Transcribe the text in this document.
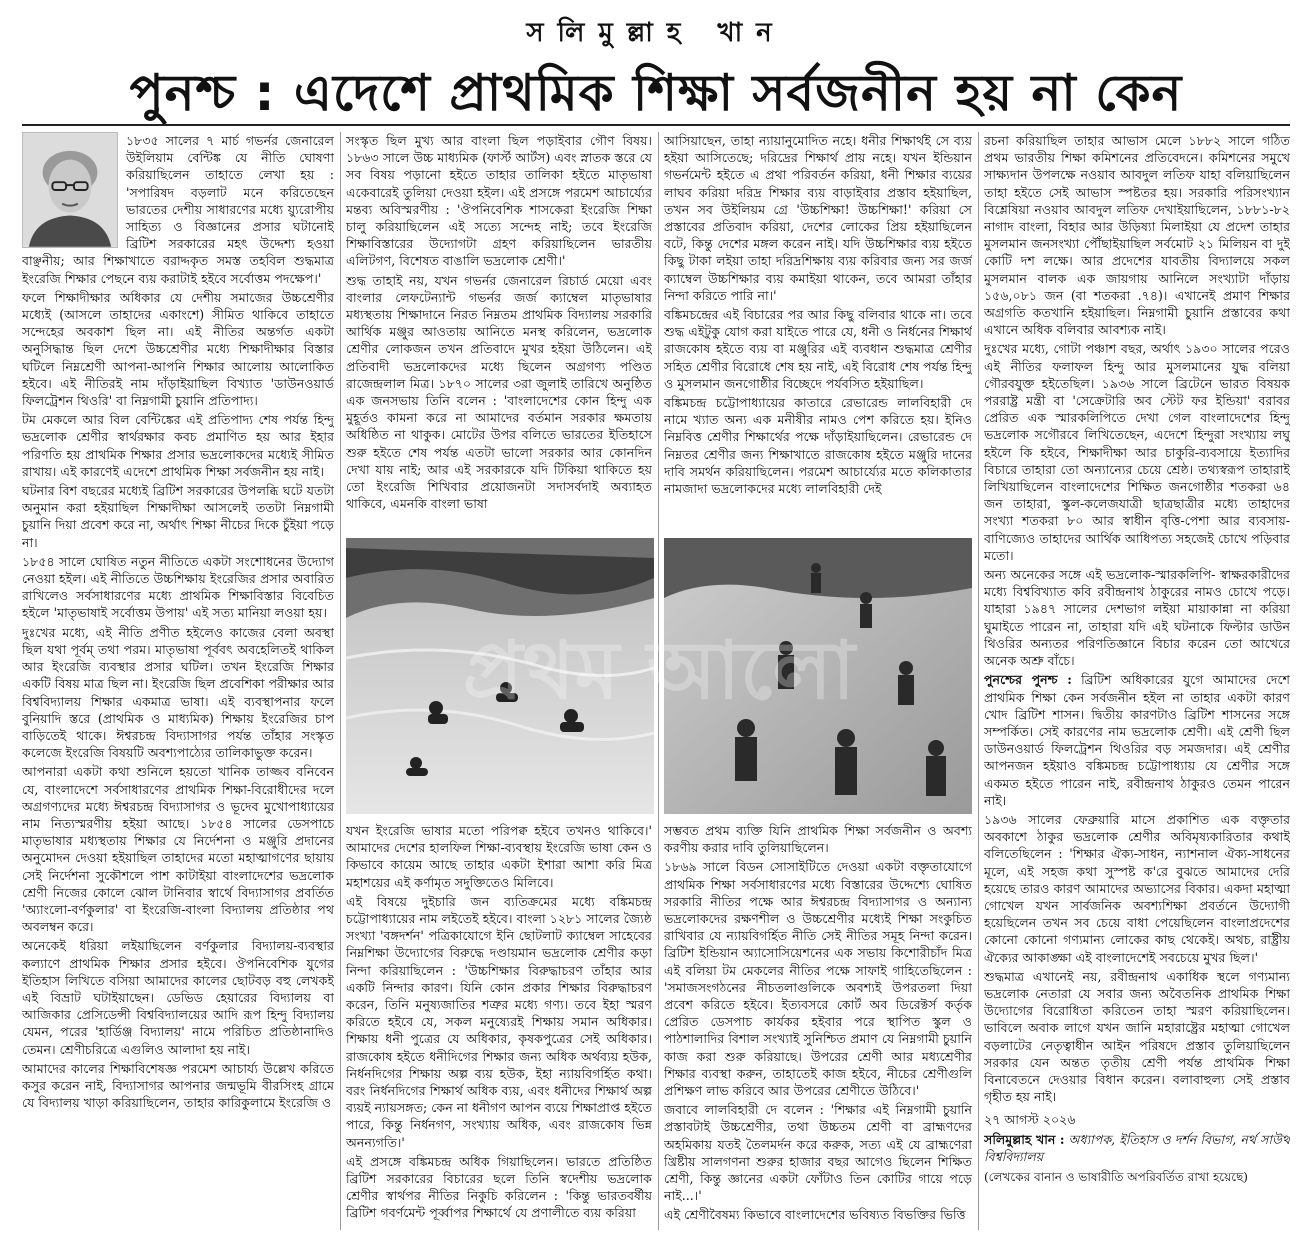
সলিমুল্লাহ খান
পুনশ্চ : এদেশে প্রাথমিক শিক্ষা সর্বজনীন হয় না কেন

১৮৩৫ সালের ৭ মার্চ গভর্নর জেনারেল উইলিয়াম বেন্টিঙ্ক যে নীতি ঘোষণা করিয়াছিলেন তাহাতে লেখা হয় : 'সপারিষদ বড়লাট মনে করিতেছেন ভারতের দেশীয় সাধারণের মধ্যে য়্যুরোপীয় সাহিত্য ও বিজ্ঞানের প্রসার ঘটানোই ব্রিটিশ সরকারের মহৎ উদ্দেশ্য হওয়া বাঞ্ছনীয়; আর শিক্ষাখাতে বরাদ্দকৃত সমস্ত তহবিল শুদ্ধমাত্র ইংরেজি শিক্ষার পেছনে ব্যয় করাটাই হইবে সর্বোত্তম পদক্ষেপ।'

ফলে শিক্ষাদীক্ষার অধিকার যে দেশীয় সমাজের উচ্চশ্রেণীর মধ্যেই (আসলে তাহাদের একাংশে) সীমিত থাকিবে তাহাতে সন্দেহের অবকাশ ছিল না। এই নীতির অন্তর্গত একটা অনুসিদ্ধান্ত ছিল দেশে উচ্চশ্রেণীর মধ্যে শিক্ষাদীক্ষার বিস্তার ঘটিলে নিম্নশ্রেণী আপনা-আপনি শিক্ষার আলোয় আলোকিত হইবে। এই নীতিরই নাম দাঁড়াইয়াছিল বিখ্যাত 'ডাউনওয়ার্ড ফিলট্রেশন থিওরি' বা নিম্নগামী চুয়ানি প্রতিপাদ্য।

টম মেকলে আর বিল বেন্টিঙ্কের এই প্রতিপাদ্য শেষ পর্যন্ত হিন্দু ভদ্রলোক শ্রেণীর স্বার্থরক্ষার কবচ প্রমাণিত হয় আর ইহার পরিণতি হয় প্রাথমিক শিক্ষার প্রসার ভদ্রলোকদের মধ্যেই সীমিত রাখায়। এই কারণেই এদেশে প্রাথমিক শিক্ষা সর্বজনীন হয় নাই।

ঘটনার বিশ বছরের মধ্যেই ব্রিটিশ সরকারের উপলব্ধি ঘটে যতটা অনুমান করা হইয়াছিল শিক্ষাদীক্ষা আসলেই ততটা নিম্নগামী চুয়ানি দিয়া প্রবেশ করে না, অর্থাৎ শিক্ষা নীচের দিকে চুঁইয়া পড়ে না।

১৮৫৪ সালে ঘোষিত নতুন নীতিতে একটা সংশোধনের উদ্যোগ নেওয়া হইল। এই নীতিতে উচ্চশিক্ষায় ইংরেজির প্রসার অবারিত রাখিলেও সর্বসাধারণের মধ্যে প্রাথমিক শিক্ষাবিস্তার বিবেচিত হইলে 'মাতৃভাষাই সর্বোত্তম উপায়' এই সত্য মানিয়া লওয়া হয়।

দুঃখের মধ্যে, এই নীতি প্রণীত হইলেও কাজের বেলা অবস্থা ছিল যথা পূর্বম্ তথা পরম। মাতৃভাষা পূর্ববৎ অবহেলিতই থাকিল আর ইংরেজি ব্যবস্থার প্রসার ঘটিল। তখন ইংরেজি শিক্ষার একটি বিষয় মাত্র ছিল না। ইংরেজি ছিল প্রবেশিকা পরীক্ষার আর বিশ্ববিদ্যালয় শিক্ষার একমাত্র ভাষা। এই ব্যবস্থাপনার ফলে বুনিয়াদি স্তরে (প্রাথমিক ও মাধ্যমিক) শিক্ষায় ইংরেজির চাপ বাড়িতেই থাকে। ঈশ্বরচন্দ্র বিদ্যাসাগর পর্যন্ত তাঁহার সংস্কৃত কলেজে ইংরেজি বিষয়টি অবশ্যপাঠ্যের তালিকাভুক্ত করেন।

আপনারা একটা কথা শুনিলে হয়তো খানিক তাজ্জব বনিবেন যে, বাংলাদেশে সর্বসাধারণের প্রাথমিক শিক্ষা-বিরোধীদের দলে অগ্রগণ্যদের মধ্যে ঈশ্বরচন্দ্র বিদ্যাসাগর ও ভূদেব মুখোপাধ্যায়ের নাম নিত্যস্মরণীয় হইয়া আছে। ১৮৫৪ সালের ডেসপাচে মাতৃভাষার মধ্যস্থতায় শিক্ষার যে নির্দেশনা ও মঞ্জুরি প্রদানের অনুমোদন দেওয়া হইয়াছিল তাহাদের মতো মহাত্মাগণের ছায়ায় সেই নির্দেশনা সুকৌশলে পাশ কাটাইয়া বাংলাদেশের ভদ্রলোক শ্রেণী নিজের কোলে ঝোল টানিবার স্বার্থে বিদ্যাসাগর প্রবর্তিত 'অ্যাংলো-বর্ণকুলার' বা ইংরেজি-বাংলা বিদ্যালয় প্রতিষ্ঠার পথ অবলম্বন করে।

অনেকেই ধরিয়া লইয়াছিলেন বর্ণকুলার বিদ্যালয়-ব্যবস্থার কল্যাণে প্রাথমিক শিক্ষার প্রসার হইবে। ঔপনিবেশিক যুগের ইতিহাস লিখিতে বসিয়া আমাদের কালের ছোটবড় বহু লেখকই এই বিভ্রাট ঘটাইয়াছেন। ডেভিড হেয়ারের বিদ্যালয় বা আজিকার প্রেসিডেন্সী বিশ্ববিদ্যালয়ের আদি রূপ হিন্দু বিদ্যালয় যেমন, পরের 'হার্ডিঞ্জ বিদ্যালয়' নামে পরিচিত প্রতিষ্ঠানাদিও তেমন। শ্রেণীচরিত্রে এগুলিও আলাদা হয় নাই।

আমাদের কালের শিক্ষাবিশেষজ্ঞ পরমেশ আচার্য্য উল্লেখ করিতে কসুর করেন নাই, বিদ্যাসাগর আপনার জন্মভূমি বীরসিংহ গ্রামে যে বিদ্যালয় খাড়া করিয়াছিলেন, তাহার কারিকুলামে ইংরেজি ও

সংস্কৃত ছিল মুখ্য আর বাংলা ছিল পড়াইবার গৌণ বিষয়। ১৮৬৩ সালে উচ্চ মাধ্যমিক (ফার্স্ট আর্টস) এবং স্নাতক স্তরে যে সব বিষয় পড়ানো হইতে তাহার তালিকা হইতে মাতৃভাষা একেবারেই তুলিয়া দেওয়া হইল। এই প্রসঙ্গে পরমেশ আচার্য্যের মন্তব্য অবিস্মরণীয় : 'ঔপনিবেশিক শাসকেরা ইংরেজি শিক্ষা চালু করিয়াছিলেন এই সত্যে সন্দেহ নাই; তবে ইংরেজি শিক্ষাবিস্তারের উদ্যোগটা গ্রহণ করিয়াছিলেন ভারতীয় এলিটগণ, বিশেষত বাঙালি ভদ্রলোক শ্রেণী।'

শুদ্ধ তাহাই নয়, যখন গভর্নর জেনারেল রিচার্ড মেয়ো এবং বাংলার লেফটেন্যান্ট গভর্নর জর্জ ক্যাম্বেল মাতৃভাষার মধ্যস্থতায় শিক্ষাদানে নিরত নিম্নতম প্রাথমিক বিদ্যালয় সরকারি আর্থিক মঞ্জুর আওতায় আনিতে মনস্থ করিলেন, ভদ্রলোক শ্রেণীর লোকজন তখন প্রতিবাদে মুখর হইয়া উঠিলেন। এই প্রতিবাদী ভদ্রলোকদের মধ্যে ছিলেন অগ্রগণ্য পণ্ডিত রাজেন্দ্রলাল মিত্র। ১৮৭০ সালের ৩রা জুলাই তারিখে অনুষ্ঠিত এক জনসভায় তিনি বলেন : 'বাংলাদেশের কোন হিন্দু এক মুহূর্তও কামনা করে না আমাদের বর্তমান সরকার ক্ষমতায় অধিষ্ঠিত না থাকুক। মোটের উপর বলিতে ভারতের ইতিহাসে শুরু হইতে শেষ পর্যন্ত এতটা ভালো সরকার আর কোনদিন দেখা যায় নাই; আর এই সরকারকে যদি টিকিয়া থাকিতে হয় তো ইংরেজি শিখিবার প্রয়োজনটা সদাসর্বদাই অব্যাহত থাকিবে, এমনকি বাংলা ভাষা

আসিয়াছেন, তাহা ন্যায়ানুমোদিত নহে। ধনীর শিক্ষার্থই সে ব্যয় হইয়া আসিতেছে; দরিদ্রের শিক্ষার্থ প্রায় নহে। যখন ইন্ডিয়ান গভর্নমেন্ট হইতে এ প্রথা পরিবর্তন করিয়া, ধনী শিক্ষার ব্যয়ের লাঘব করিয়া দরিদ্র শিক্ষার ব্যয় বাড়াইবার প্রস্তাব হইয়াছিল, তখন সব উইলিয়ম গ্রে 'উচ্চশিক্ষা! উচ্চশিক্ষা!' করিয়া সে প্রস্তাবের প্রতিবাদ করিয়া, দেশের লোকের প্রিয় হইয়াছিলেন বটে, কিন্তু দেশের মঙ্গল করেন নাই। যদি উচ্চশিক্ষার ব্যয় হইতে কিছু টাকা লইয়া তাহা দরিদ্রশিক্ষায় ব্যয় করিবার জন্য সর জর্জ ক্যাম্বেল উচ্চশিক্ষার ব্যয় কমাইয়া থাকেন, তবে আমরা তাঁহার নিন্দা করিতে পারি না।'

বঙ্কিমচন্দ্রের এই বিচারের পর আর কিছু বলিবার থাকে না। তবে শুদ্ধ এইটুকু যোগ করা যাইতে পারে যে, ধনী ও নির্ধনের শিক্ষার্থ রাজকোষ হইতে ব্যয় বা মঞ্জুরির এই ব্যবধান শুদ্ধমাত্র শ্রেণীর সহিত শ্রেণীর বিরোধে শেষ হয় নাই, এই বিরোধ শেষ পর্যন্ত হিন্দু ও মুসলমান জনগোষ্ঠীর বিচ্ছেদে পর্যবসিত হইয়াছিল।

বঙ্কিমচন্দ্র চট্টোপাধ্যায়ের কাতারে রেভারেন্ড লালবিহারী দে নামে খ্যাত অন্য এক মনীষীর নামও পেশ করিতে হয়। ইনিও নিম্নবিত্ত শ্রেণীর শিক্ষার্থের পক্ষে দাঁড়াইয়াছিলেন। রেভারেন্ড দে নিম্নতর শ্রেণীর জন্য শিক্ষাখাতে রাজকোষ হইতে মঞ্জুরি দানের দাবি সমর্থন করিয়াছিলেন। পরমেশ আচার্য্যের মতে কলিকাতার নামজাদা ভদ্রলোকদের মধ্যে লালবিহারী দেই

প্রথম আলো

যখন ইংরেজি ভাষার মতো পরিপক্ব হইবে তখনও থাকিবে।' আমাদের দেশের হালফিল শিক্ষা-ব্যবস্থায় ইংরেজি ভাষা কেন ও কিভাবে কায়েম আছে তাহার একটা ইশারা আশা করি মিত্র মহাশয়ের এই কর্ণামৃত সদুক্তিতেও মিলিবে।

এই বিষয়ে দুইচারি জন ব্যতিক্রমের মধ্যে বঙ্কিমচন্দ্র চট্টোপাধ্যায়ের নাম লইতেই হইবে। বাংলা ১২৮১ সালের জ্যৈষ্ঠ সংখ্যা 'বঙ্গদর্শন' পত্রিকাযোগে ইনি ছোটলাট ক্যাম্বেল সাহেবের নিম্নশিক্ষা উদ্যোগের বিরুদ্ধে দণ্ডায়মান ভদ্রলোক শ্রেণীর কড়া নিন্দা করিয়াছিলেন : 'উচ্চশিক্ষার বিরুদ্ধাচরণ তাঁহার আর একটি নিন্দার কারণ। যিনি কোন প্রকার শিক্ষার বিরুদ্ধাচরণ করেন, তিনি মনুষ্যজাতির শত্রুর মধ্যে গণ্য। তবে ইহা স্মরণ করিতে হইবে যে, সকল মনুষ্যেরই শিক্ষায় সমান অধিকার। শিক্ষায় ধনী পুত্রের যে অধিকার, কৃষকপুত্রের সেই অধিকার। রাজকোষ হইতে ধনীদিগের শিক্ষার জন্য অধিক অর্থব্যয় হউক, নির্ধনদিগের শিক্ষায় অল্প ব্যয় হউক, ইহা ন্যায়বিগর্হিত কথা। বরং নির্ধনদিগের শিক্ষার্থ অধিক ব্যয়, এবং ধনীদের শিক্ষার্থ অল্প ব্যয়ই ন্যায়সঙ্গত; কেন না ধনীগণ আপন ব্যয়ে শিক্ষাপ্রাপ্ত হইতে পারে, কিন্তু নির্ধনগণ, সংখ্যায় অধিক, এবং রাজকোষ ভিন্ন অনন্যগতি।'

এই প্রসঙ্গে বঙ্কিমচন্দ্র অধিক গিয়াছিলেন। ভারতে প্রতিষ্ঠিত ব্রিটিশ সরকারের বিচারের ছলে তিনি স্বদেশীয় ভদ্রলোক শ্রেণীর স্বার্থপর নীতির নিকুচি করিলেন : 'কিন্তু ভারতবর্ষীয় ব্রিটিশ গবর্ণমেন্ট পূর্ব্বাপর শিক্ষার্থে যে প্রণালীতে ব্যয় করিয়া

সম্ভবত প্রথম ব্যক্তি যিনি প্রাথমিক শিক্ষা সর্বজনীন ও অবশ্য করণীয় করার দাবি তুলিয়াছিলেন।

১৮৬৯ সালে বিডন সোসাইটিতে দেওয়া একটা বক্তৃতাযোগে প্রাথমিক শিক্ষা সর্বসাধারণের মধ্যে বিস্তারের উদ্দেশ্যে ঘোষিত সরকারি নীতির পক্ষে আর ঈশ্বরচন্দ্র বিদ্যাসাগর ও অন্যান্য ভদ্রলোকদের রক্ষণশীল ও উচ্চশ্রেণীর মধ্যেই শিক্ষা সংকুচিত রাখিবার যে ন্যায়বিগর্হিত নীতি সেই নীতির সমূহ নিন্দা করেন। ব্রিটিশ ইন্ডিয়ান অ্যাসোসিয়েশনের এক সভায় কিশোরীচাঁদ মিত্র এই বলিয়া টম মেকলের নীতির পক্ষে সাফাই গাহিতেছিলেন : 'সমাজসংগঠনের নীচতলাগুলিকে অবশ্যই উপরতলা দিয়া প্রবেশ করিতে হইবে। ইত্যবসরে কোর্ট অব ডিরেক্টর্স কর্তৃক প্রেরিত ডেসপাচ কার্যকর হইবার পরে স্থাপিত স্কুল ও পাঠশালাদির বিশাল সংখ্যাই সুনিশ্চিত প্রমাণ যে নিম্নগামী চুয়ানি কাজ করা শুরু করিয়াছে। উপরের শ্রেণী আর মধ্যশ্রেণীর শিক্ষার ব্যবস্থা করুন, তাহাতেই কাজ হইবে, নীচের শ্রেণীগুলি প্রশিক্ষণ লাভ করিবে আর উপরের শ্রেণীতে উঠিবে।'

জবাবে লালবিহারী দে বলেন : 'শিক্ষার এই নিম্নগামী চুয়ানি প্রস্তাবটাই উচ্চশ্রেণীর, তথা উচ্চতম শ্রেণী বা ব্রাহ্মণদের অহমিকায় যতই তৈলমর্দন করে করুক, সত্য এই যে ব্রাহ্মণেরা খ্রিষ্টীয় সালগণনা শুরুর হাজার বছর আগেও ছিলেন শিক্ষিত শ্রেণী, কিন্তু জ্ঞানের একটা ফোঁটাও তিন কোটির গায়ে পড়ে নাই...।'

এই শ্রেণীবৈষম্য কিভাবে বাংলাদেশের ভবিষ্যত বিভক্তির ভিত্তি

রচনা করিয়াছিল তাহার আভাস মেলে ১৮৮২ সালে গঠিত প্রথম ভারতীয় শিক্ষা কমিশনের প্রতিবেদনে। কমিশনের সমুখে সাক্ষ্যদান উপলক্ষে নওয়াব আবদুল লতিফ যাহা বলিয়াছিলেন তাহা হইতে সেই আভাস স্পষ্টতর হয়। সরকারি পরিসংখ্যান বিশ্লেষিয়া নওয়াব আবদুল লতিফ দেখাইয়াছিলেন, ১৮৮১-৮২ নাগাদ বাংলা, বিহার আর উড়িষ্যা মিলাইয়া যে প্রদেশ তাহার মুসলমান জনসংখ্যা পৌঁছাইয়াছিল সর্বমোট ২১ মিলিয়ন বা দুই কোটি দশ লক্ষে। আর প্রদেশের যাবতীয় বিদ্যালয়ে সকল মুসলমান বালক এক জায়গায় আনিলে সংখ্যাটা দাঁড়ায় ১৫৬,০৮১ জন (বা শতকরা .৭৪)। এখানেই প্রমাণ শিক্ষার অগ্রগতি কতখানি হইয়াছিল। নিম্নগামী চুয়ানি প্রস্তাবের কথা এখানে অধিক বলিবার আবশ্যক নাই।

দুঃখের মধ্যে, গোটা পঞ্চাশ বছর, অর্থাৎ ১৯৩০ সালের পরেও এই নীতির ফলাফল হিন্দু আর মুসলমানের যুদ্ধ বলিয়া গৌরবযুক্ত হইতেছিল। ১৯৩৬ সালে ব্রিটেনে ভারত বিষয়ক পররাষ্ট্র মন্ত্রী বা 'সেক্রেটারি অব স্টেট ফর ইন্ডিয়া' বরাবর প্রেরিত এক স্মারকলিপিতে দেখা গেল বাংলাদেশের হিন্দু ভদ্রলোক সগৌরবে লিখিতেছেন, এদেশে হিন্দুরা সংখ্যায় লঘু হইলে কি হইবে, শিক্ষাদীক্ষা আর চাকুরি-ব্যবসায়ে ইত্যাদির বিচারে তাহারা তো অন্যান্যের চেয়ে শ্রেষ্ঠ। তথ্যস্বরূপ তাহারাই লিখিয়াছিলেন বাংলাদেশের শিক্ষিত জনগোষ্ঠীর শতকরা ৬৪ জন তাহারা, স্কুল-কলেজযাত্রী ছাত্রছাত্রীর মধ্যে তাহাদের সংখ্যা শতকরা ৮০ আর স্বাধীন বৃত্তি-পেশা আর ব্যবসায়-বাণিজ্যেও তাহাদের আর্থিক আধিপত্য সহজেই চোখে পড়িবার মতো।

অন্য অনেকের সঙ্গে এই ভদ্রলোক-স্মারকলিপি- স্বাক্ষরকারীদের মধ্যে বিশ্ববিখ্যাত কবি রবীন্দ্রনাথ ঠাকুরের নামও চোখে পড়ে। যাহারা ১৯৪৭ সালের দেশভাগ লইয়া মায়াকান্না না করিয়া ঘুমাইতে পারেন না, তাহারা যদি এই ঘটনাকে ফিল্টার ডাউন থিওরির অন্যতর পরিণতিজ্ঞানে বিচার করেন তো আখেরে অনেক অশ্রু বাঁচে।

পুনশ্চের পুনশ্চ : ব্রিটিশ অধিকারের যুগে আমাদের দেশে প্রাথমিক শিক্ষা কেন সর্বজনীন হইল না তাহার একটা কারণ খোদ ব্রিটিশ শাসন। দ্বিতীয় কারণটাও ব্রিটিশ শাসনের সঙ্গে সম্পর্কিত। সেই কারণের নাম ভদ্রলোক শ্রেণী। এই শ্রেণী ছিল ডাউনওয়ার্ড ফিলট্রেশন থিওরির বড় সমজদার। এই শ্রেণীর আপনজন হইয়াও বঙ্কিমচন্দ্র চট্টোপাধ্যায় যে শ্রেণীর সঙ্গে একমত হইতে পারেন নাই, রবীন্দ্রনাথ ঠাকুরও তেমন পারেন নাই।

১৯৩৬ সালের ফেব্রুয়ারি মাসে প্রকাশিত এক বক্তৃতার অবকাশে ঠাকুর ভদ্রলোক শ্রেণীর অবিমৃষ্যকারিতার কথাই বলিতেছিলেন : 'শিক্ষার ঐক্য-সাধন, ন্যাশনাল ঐক্য-সাধনের মূলে, এই সহজ কথা সুস্পষ্ট ক'রে বুঝতে আমাদের দেরি হয়েছে তারও কারণ আমাদের অভ্যাসের বিকার। একদা মহাত্মা গোখেল যখন সার্বজনিক অবশ্যশিক্ষা প্রবর্তনে উদ্যোগী হয়েছিলেন তখন সব চেয়ে বাধা পেয়েছিলেন বাংলাপ্রদেশের কোনো কোনো গণ্যমান্য লোকের কাছ থেকেই। অথচ, রাষ্ট্রীয় ঐক্যের আকাঙ্ক্ষা এই বাংলাদেশেই সবচেয়ে মুখর ছিল।'

শুদ্ধমাত্র এখানেই নয়, রবীন্দ্রনাথ একাধিক স্থলে গণ্যমান্য ভদ্রলোক নেতারা যে সবার জন্য অবৈতনিক প্রাথমিক শিক্ষা উদ্যোগের বিরোধিতা করিতেন তাহা স্মরণ করিয়াছিলেন। ভাবিলে অবাক লাগে যখন জানি মহারাষ্ট্রের মহাত্মা গোখেল বড়লাটের নেতৃত্বাধীন আইন পরিষদে প্রস্তাব তুলিয়াছিলেন সরকার যেন অন্তত তৃতীয় শ্রেণী পর্যন্ত প্রাথমিক শিক্ষা বিনাবেতনে দেওয়ার বিধান করেন। বলাবাহুল্য সেই প্রস্তাব গৃহীত হয় নাই।

২৭ আগস্ট ২০২৬

সলিমুল্লাহ খান : অধ্যাপক, ইতিহাস ও দর্শন বিভাগ, নর্থ সাউথ বিশ্ববিদ্যালয়

(লেখকের বানান ও ভাষারীতি অপরিবর্তিত রাখা হয়েছে)
